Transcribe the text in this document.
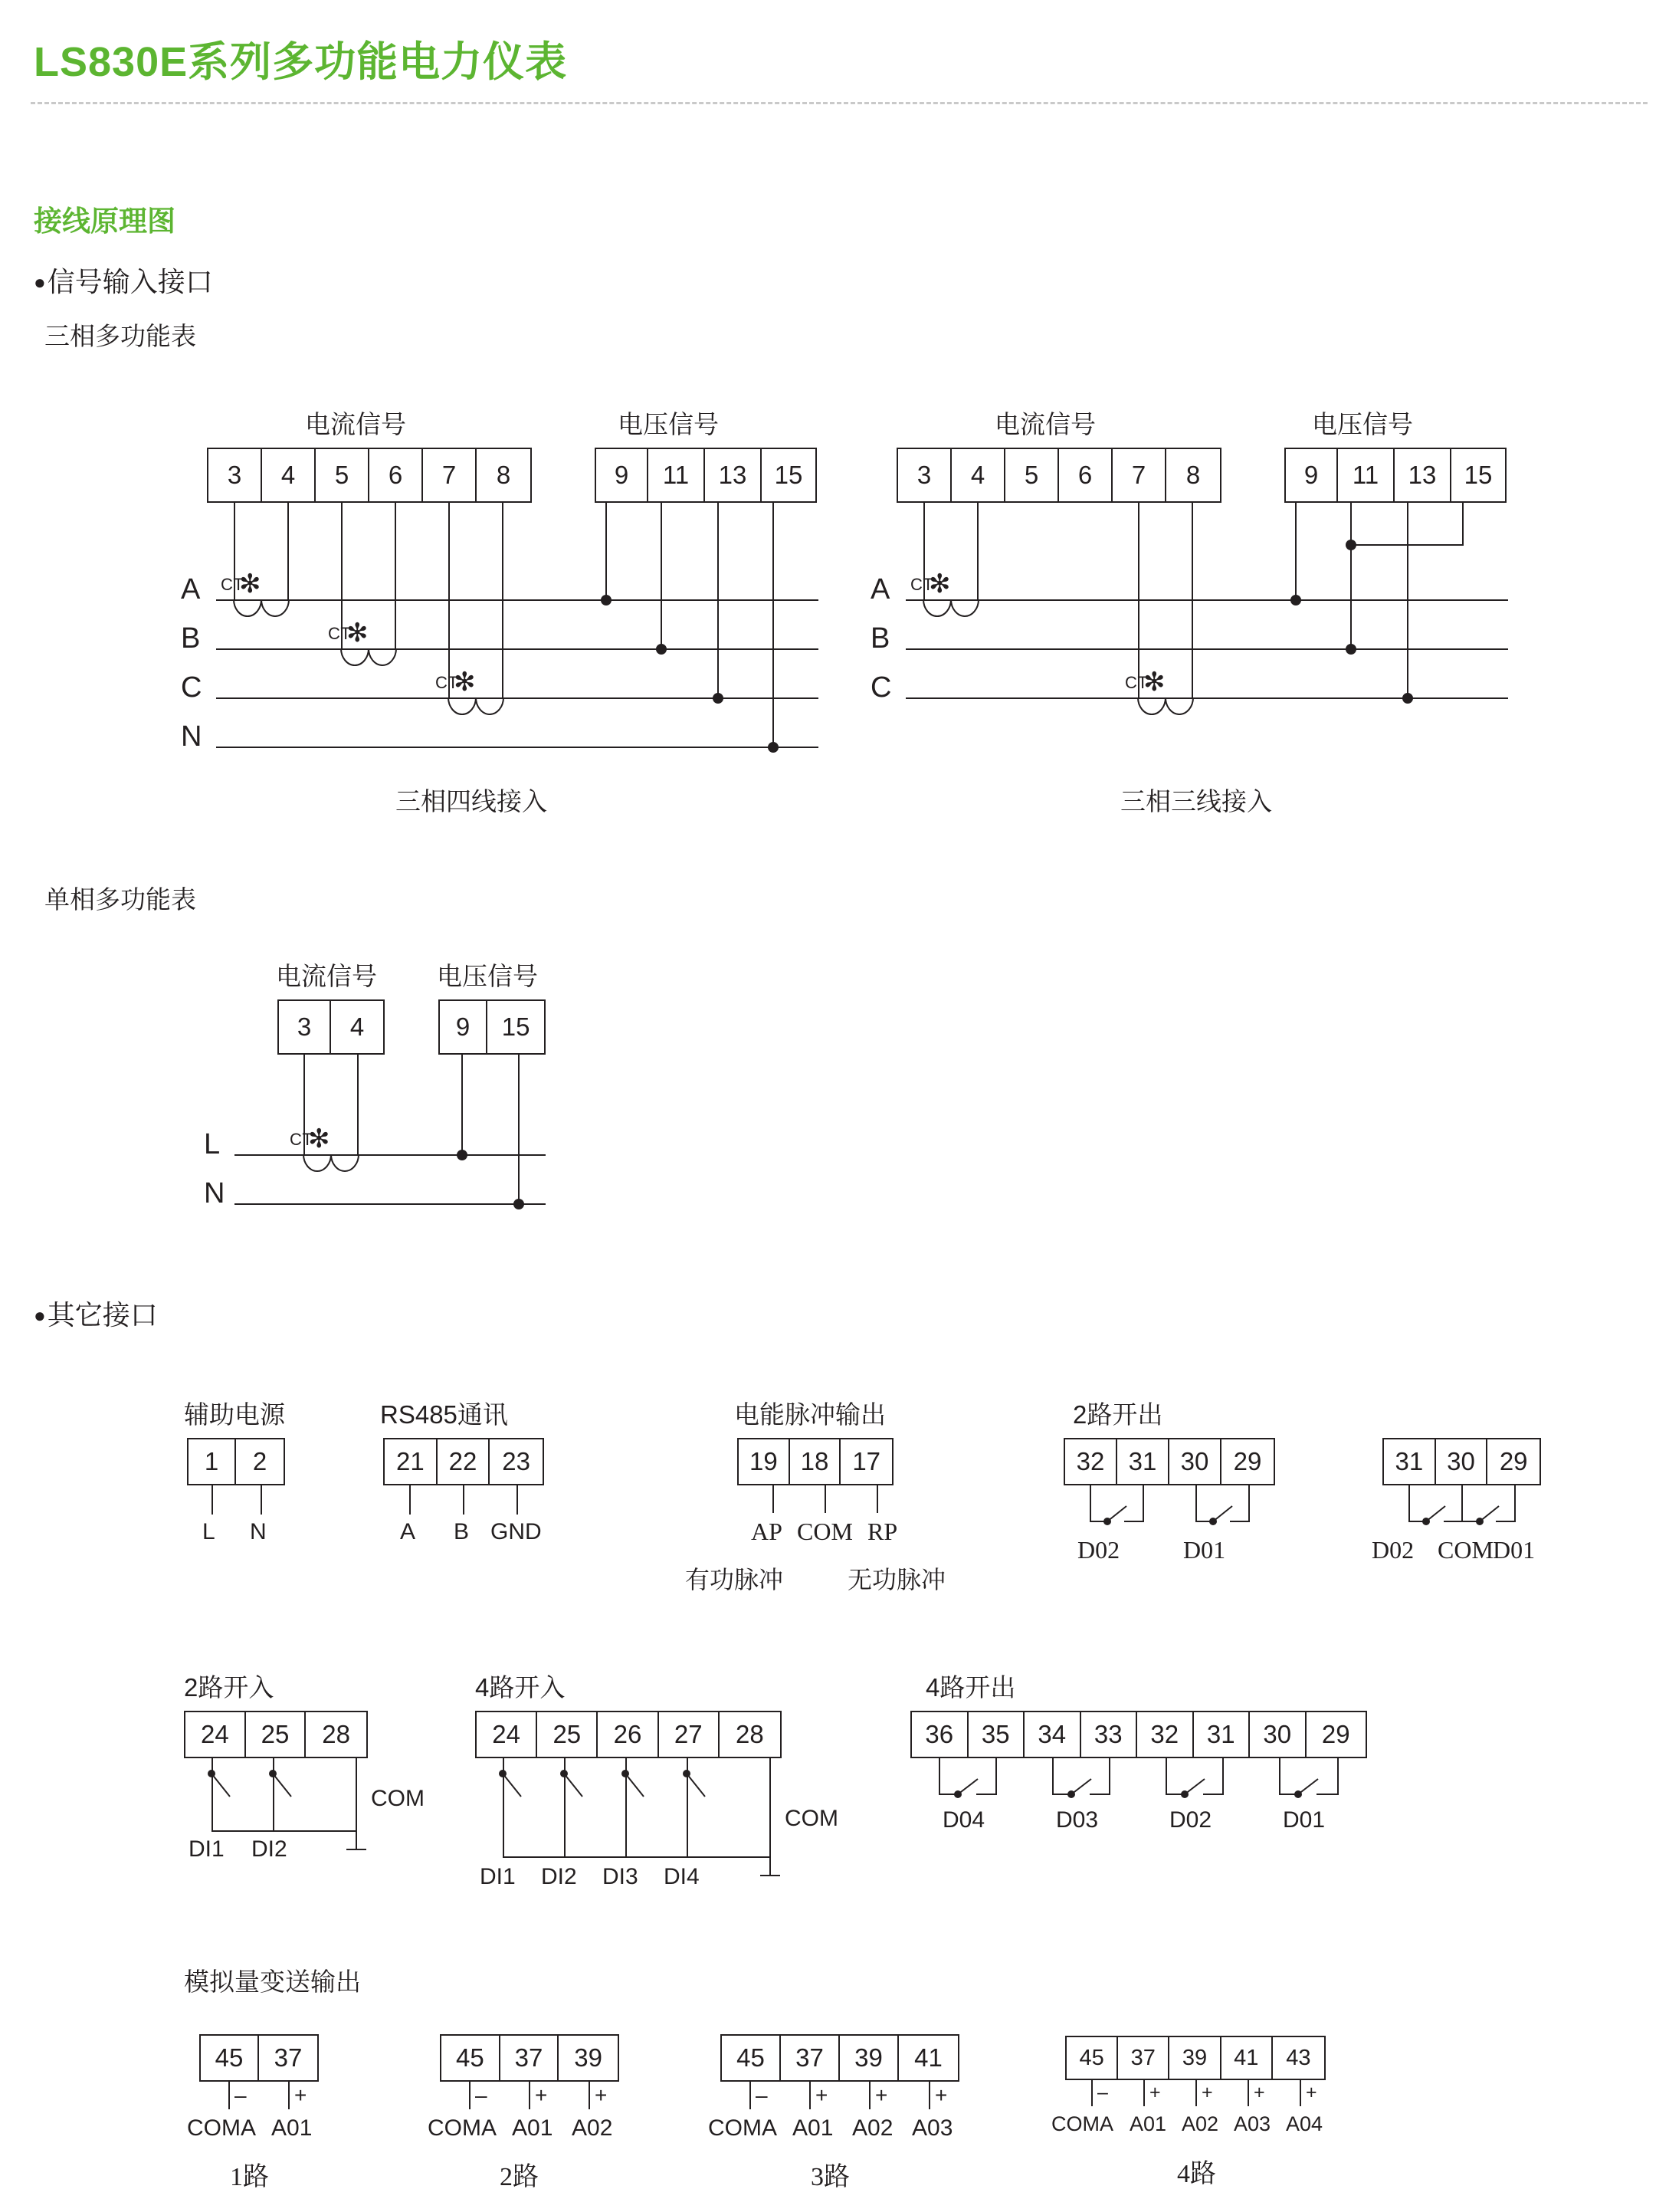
LS830E系列多功能电力仪表
接线原理图
●信号输入接口
三相多功能表
电流信号	电压信号
3	4	5	6	7	8	9	11	13	15
A
B
C
N
CT
✻
CT
✻
CT
✻
三相四线接入
电流信号	电压信号
3	4	5	6	7	8	9	11	13	15
A
B
C
CT
✻
CT
✻
三相三线接入
单相多功能表
电流信号 电压信号
3	4	9	15
L
N
CT
✻
●其它接口
辅助电源
1	2
L N
RS485通讯
21 22 23
A B GND
电能脉冲输出
19 18 17
AP COM RP
有功脉冲	无功脉冲
2路开出
32 31 30 29
D02	D01
31 30 29
D02 COM D01
2路开入
24	25	28
DI1 DI2
COM
4路开入
24	25	26	27	28
DI1 DI2 DI3 DI4
COM
4路开出
36	35	34	33	32	31	30	29
D04	D03	D02	D01
模拟量变送输出
45	37
– +
COMA A01
1路
45	37	39
– + +
COMA A01 A02
2路
45	37	39	41
– + + +
COMA A01 A02 A03
3路
45	37	39	41	43
– + + + +
COMA A01 A02 A03 A04
4路
